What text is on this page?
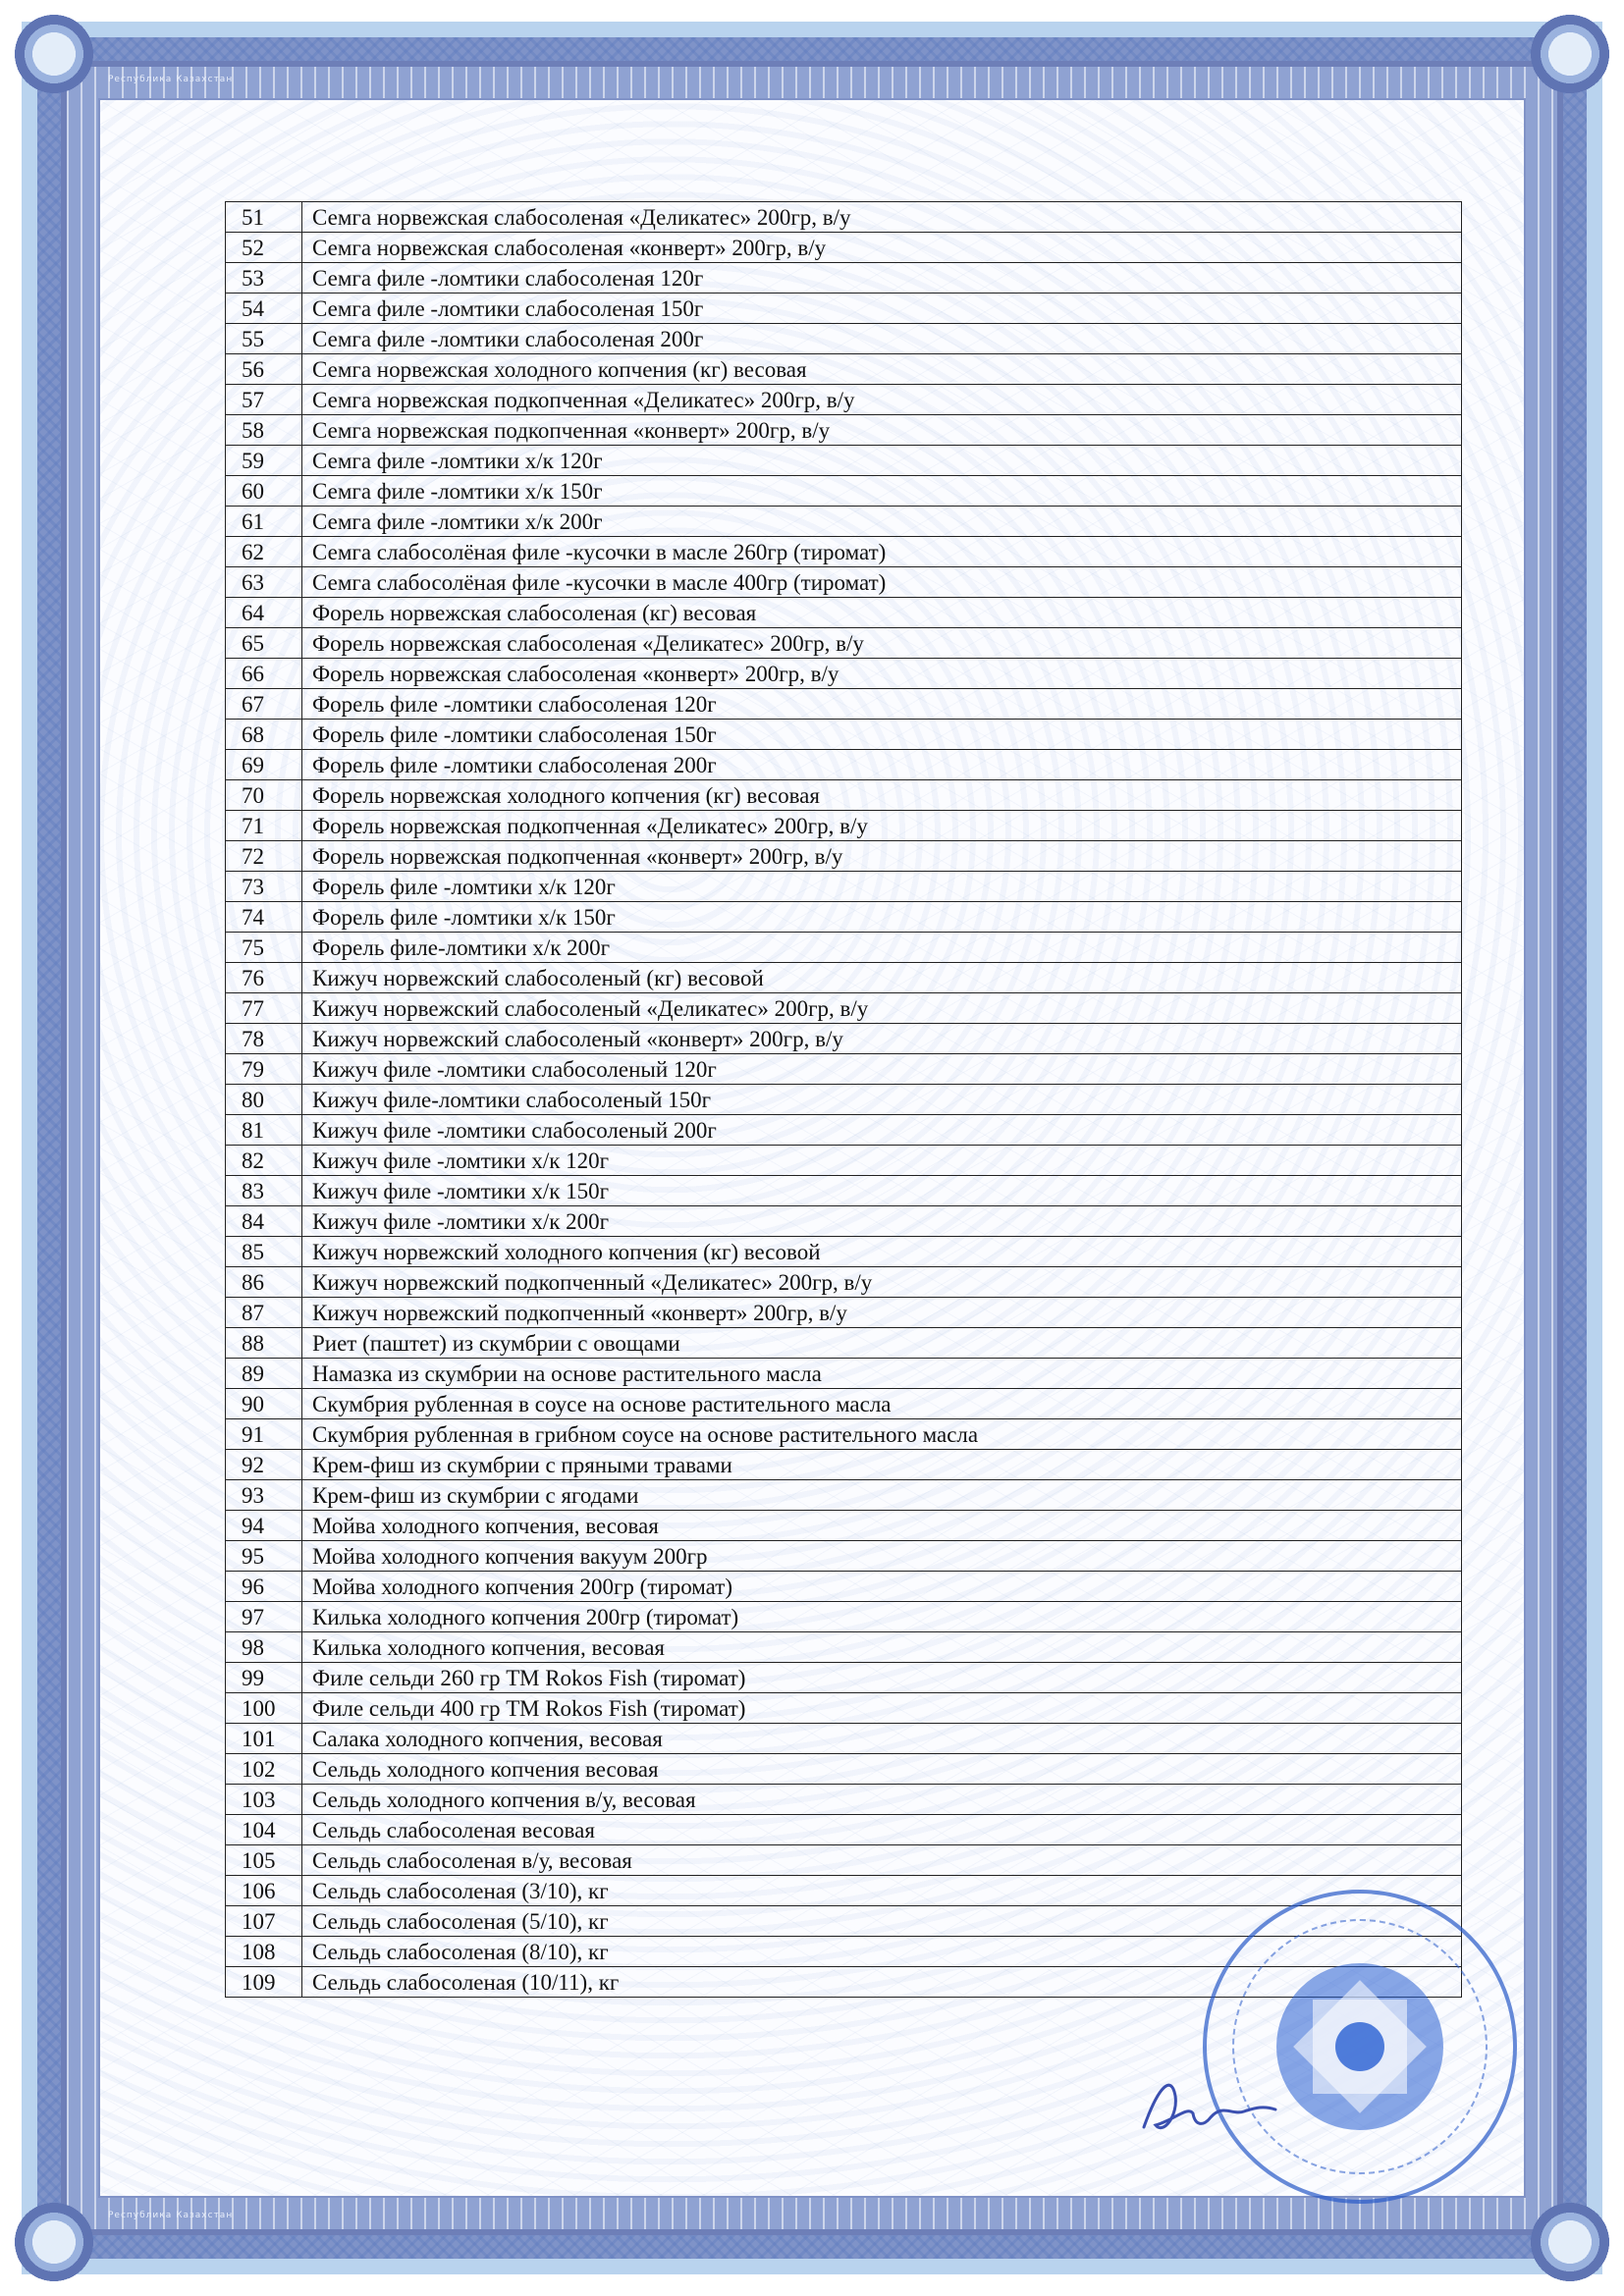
Республика Казахстан
Республика Казахстан
51	Семга норвежская слабосоленая «Деликатес» 200гр, в/у
52	Семга норвежская слабосоленая «конверт» 200гр, в/у
53	Семга филе -ломтики слабосоленая 120г
54	Семга филе -ломтики слабосоленая 150г
55	Семга филе -ломтики слабосоленая 200г
56	Семга норвежская холодного копчения (кг) весовая
57	Семга норвежская подкопченная «Деликатес» 200гр, в/у
58	Семга норвежская подкопченная «конверт» 200гр, в/у
59	Семга филе -ломтики х/к 120г
60	Семга филе -ломтики х/к 150г
61	Семга филе -ломтики х/к 200г
62	Семга слабосолёная филе -кусочки в масле 260гр (тиромат)
63	Семга слабосолёная филе -кусочки в масле 400гр (тиромат)
64	Форель норвежская слабосоленая (кг) весовая
65	Форель норвежская слабосоленая «Деликатес» 200гр, в/у
66	Форель норвежская слабосоленая «конверт» 200гр, в/у
67	Форель филе -ломтики слабосоленая 120г
68	Форель филе -ломтики слабосоленая 150г
69	Форель филе -ломтики слабосоленая 200г
70	Форель норвежская холодного копчения (кг) весовая
71	Форель норвежская подкопченная «Деликатес» 200гр, в/у
72	Форель норвежская подкопченная «конверт» 200гр, в/у
73	Форель филе -ломтики х/к 120г
74	Форель филе -ломтики х/к 150г
75	Форель филе-ломтики х/к 200г
76	Кижуч норвежский слабосоленый (кг) весовой
77	Кижуч норвежский слабосоленый «Деликатес» 200гр, в/у
78	Кижуч норвежский слабосоленый «конверт» 200гр, в/у
79	Кижуч филе -ломтики слабосоленый 120г
80	Кижуч филе-ломтики слабосоленый 150г
81	Кижуч филе -ломтики слабосоленый 200г
82	Кижуч филе -ломтики х/к 120г
83	Кижуч филе -ломтики х/к 150г
84	Кижуч филе -ломтики х/к 200г
85	Кижуч норвежский холодного копчения (кг) весовой
86	Кижуч норвежский подкопченный «Деликатес» 200гр, в/у
87	Кижуч норвежский подкопченный «конверт» 200гр, в/у
88	Риет (паштет) из скумбрии с овощами
89	Намазка из скумбрии на основе растительного масла
90	Скумбрия рубленная в соусе на основе растительного масла
91	Скумбрия рубленная в грибном соусе на основе растительного масла
92	Крем-фиш из скумбрии с пряными травами
93	Крем-фиш из скумбрии с ягодами
94	Мойва холодного копчения, весовая
95	Мойва холодного копчения вакуум 200гр
96	Мойва холодного копчения 200гр (тиромат)
97	Килька холодного копчения 200гр (тиромат)
98	Килька холодного копчения, весовая
99	Филе сельди 260 гр ТМ Rokos Fish (тиромат)
100	Филе сельди 400 гр ТМ Rokos Fish (тиромат)
101	Салака холодного копчения, весовая
102	Сельдь холодного копчения весовая
103	Сельдь холодного копчения в/у, весовая
104	Сельдь слабосоленая весовая
105	Сельдь слабосоленая в/у, весовая
106	Сельдь слабосоленая (3/10), кг
107	Сельдь слабосоленая (5/10), кг
108	Сельдь слабосоленая (8/10), кг
109	Сельдь слабосоленая (10/11), кг
